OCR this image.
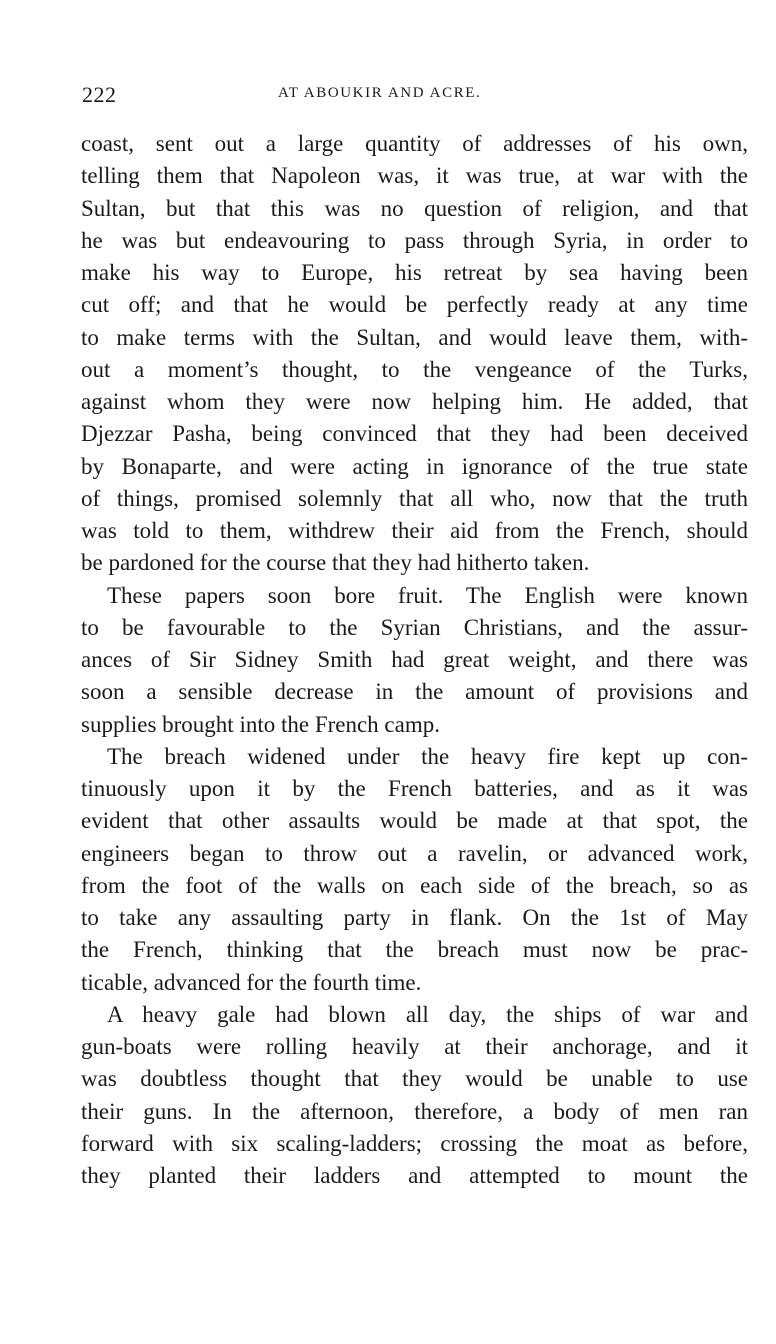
222	AT ABOUKIR AND ACRE.
coast, sent out a large quantity of addresses of his own,
telling them that Napoleon was, it was true, at war with the
Sultan, but that this was no question of religion, and that
he was but endeavouring to pass through Syria, in order to
make his way to Europe, his retreat by sea having been
cut off; and that he would be perfectly ready at any time
to make terms with the Sultan, and would leave them, with-
out a moment’s thought, to the vengeance of the Turks,
against whom they were now helping him. He added, that
Djezzar Pasha, being convinced that they had been deceived
by Bonaparte, and were acting in ignorance of the true state
of things, promised solemnly that all who, now that the truth
was told to them, withdrew their aid from the French, should
be pardoned for the course that they had hitherto taken.
These papers soon bore fruit. The English were known
to be favourable to the Syrian Christians, and the assur-
ances of Sir Sidney Smith had great weight, and there was
soon a sensible decrease in the amount of provisions and
supplies brought into the French camp.
The breach widened under the heavy fire kept up con-
tinuously upon it by the French batteries, and as it was
evident that other assaults would be made at that spot, the
engineers began to throw out a ravelin, or advanced work,
from the foot of the walls on each side of the breach, so as
to take any assaulting party in flank. On the 1st of May
the French, thinking that the breach must now be prac-
ticable, advanced for the fourth time.
A heavy gale had blown all day, the ships of war and
gun-boats were rolling heavily at their anchorage, and it
was doubtless thought that they would be unable to use
their guns. In the afternoon, therefore, a body of men ran
forward with six scaling-ladders; crossing the moat as before,
they planted their ladders and attempted to mount the
